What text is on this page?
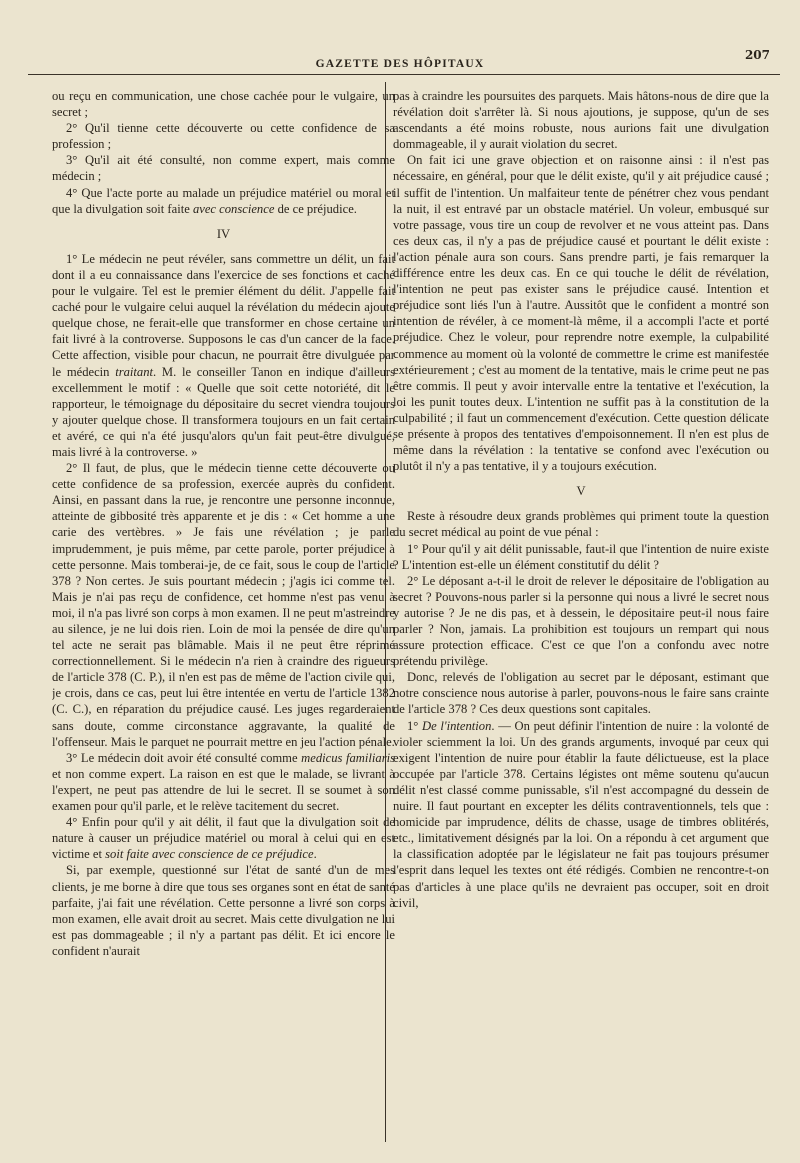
207
GAZETTE DES HÔPITAUX

ou reçu en communication, une chose cachée pour le vulgaire, un secret ;

2° Qu'il tienne cette découverte ou cette confidence de sa profession ;

3° Qu'il ait été consulté, non comme expert, mais comme médecin ;

4° Que l'acte porte au malade un préjudice matériel ou moral et que la divulgation soit faite avec conscience de ce préjudice.

IV

1° Le médecin ne peut révéler, sans commettre un délit, un fait dont il a eu connaissance dans l'exercice de ses fonctions et caché pour le vulgaire. Tel est le premier élément du délit. J'appelle fait caché pour le vulgaire celui auquel la révélation du médecin ajoute quelque chose, ne ferait-elle que transformer en chose certaine un fait livré à la controverse. Supposons le cas d'un cancer de la face. Cette affection, visible pour chacun, ne pourrait être divulguée par le médecin traitant. M. le conseiller Tanon en indique d'ailleurs excellemment le motif : « Quelle que soit cette notoriété, dit le rapporteur, le témoignage du dépositaire du secret viendra toujours y ajouter quelque chose. Il transformera toujours en un fait certain et avéré, ce qui n'a été jusqu'alors qu'un fait peut-être divulgué, mais livré à la controverse. »

2° Il faut, de plus, que le médecin tienne cette découverte ou cette confidence de sa profession, exercée auprès du confident. Ainsi, en passant dans la rue, je rencontre une personne inconnue, atteinte de gibbosité très apparente et je dis : « Cet homme a une carie des vertèbres. » Je fais une révélation ; je parle imprudemment, je puis même, par cette parole, porter préjudice à cette personne. Mais tomberai-je, de ce fait, sous le coup de l'article 378 ? Non certes. Je suis pourtant médecin ; j'agis ici comme tel. Mais je n'ai pas reçu de confidence, cet homme n'est pas venu à moi, il n'a pas livré son corps à mon examen. Il ne peut m'astreindre au silence, je ne lui dois rien. Loin de moi la pensée de dire qu'un tel acte ne serait pas blâmable. Mais il ne peut être réprimé correctionnellement. Si le médecin n'a rien à craindre des rigueurs de l'article 378 (C. P.), il n'en est pas de même de l'action civile qui, je crois, dans ce cas, peut lui être intentée en vertu de l'article 1382 (C. C.), en réparation du préjudice causé. Les juges regarderaient sans doute, comme circonstance aggravante, la qualité de l'offenseur. Mais le parquet ne pourrait mettre en jeu l'action pénale.

3° Le médecin doit avoir été consulté comme medicus familiaris et non comme expert. La raison en est que le malade, se livrant à l'expert, ne peut pas attendre de lui le secret. Il se soumet à son examen pour qu'il parle, et le relève tacitement du secret.

4° Enfin pour qu'il y ait délit, il faut que la divulgation soit de nature à causer un préjudice matériel ou moral à celui qui en est victime et soit faite avec conscience de ce préjudice.

Si, par exemple, questionné sur l'état de santé d'un de mes clients, je me borne à dire que tous ses organes sont en état de santé parfaite, j'ai fait une révélation. Cette personne a livré son corps à mon examen, elle avait droit au secret. Mais cette divulgation ne lui est pas dommageable ; il n'y a partant pas délit. Et ici encore le confident n'aurait

pas à craindre les poursuites des parquets. Mais hâtons-nous de dire que la révélation doit s'arrêter là. Si nous ajoutions, je suppose, qu'un de ses ascendants a été moins robuste, nous aurions fait une divulgation dommageable, il y aurait violation du secret.

On fait ici une grave objection et on raisonne ainsi : il n'est pas nécessaire, en général, pour que le délit existe, qu'il y ait préjudice causé ; il suffit de l'intention. Un malfaiteur tente de pénétrer chez vous pendant la nuit, il est entravé par un obstacle matériel. Un voleur, embusqué sur votre passage, vous tire un coup de revolver et ne vous atteint pas. Dans ces deux cas, il n'y a pas de préjudice causé et pourtant le délit existe : l'action pénale aura son cours. Sans prendre parti, je fais remarquer la différence entre les deux cas. En ce qui touche le délit de révélation, l'intention ne peut pas exister sans le préjudice causé. Intention et préjudice sont liés l'un à l'autre. Aussitôt que le confident a montré son intention de révéler, à ce moment-là même, il a accompli l'acte et porté préjudice. Chez le voleur, pour reprendre notre exemple, la culpabilité commence au moment où la volonté de commettre le crime est manifestée extérieurement ; c'est au moment de la tentative, mais le crime peut ne pas être commis. Il peut y avoir intervalle entre la tentative et l'exécution, la loi les punit toutes deux. L'intention ne suffit pas à la constitution de la culpabilité ; il faut un commencement d'exécution. Cette question délicate se présente à propos des tentatives d'empoisonnement. Il n'en est plus de même dans la révélation : la tentative se confond avec l'exécution ou plutôt il n'y a pas tentative, il y a toujours exécution.

V

Reste à résoudre deux grands problèmes qui priment toute la question du secret médical au point de vue pénal :

1° Pour qu'il y ait délit punissable, faut-il que l'intention de nuire existe ? L'intention est-elle un élément constitutif du délit ?

2° Le déposant a-t-il le droit de relever le dépositaire de l'obligation au secret ? Pouvons-nous parler si la personne qui nous a livré le secret nous y autorise ? Je ne dis pas, et à dessein, le dépositaire peut-il nous faire parler ? Non, jamais. La prohibition est toujours un rempart qui nous assure protection efficace. C'est ce que l'on a confondu avec notre prétendu privilège.

Donc, relevés de l'obligation au secret par le déposant, estimant que notre conscience nous autorise à parler, pouvons-nous le faire sans crainte de l'article 378 ? Ces deux questions sont capitales.

1° De l'intention. — On peut définir l'intention de nuire : la volonté de violer sciemment la loi. Un des grands arguments, invoqué par ceux qui exigent l'intention de nuire pour établir la faute délictueuse, est la place occupée par l'article 378. Certains légistes ont même soutenu qu'aucun délit n'est classé comme punissable, s'il n'est accompagné du dessein de nuire. Il faut pourtant en excepter les délits contraventionnels, tels que : homicide par imprudence, délits de chasse, usage de timbres oblitérés, etc., limitativement désignés par la loi. On a répondu à cet argument que la classification adoptée par le législateur ne fait pas toujours présumer l'esprit dans lequel les textes ont été rédigés. Combien ne rencontre-t-on pas d'articles à une place qu'ils ne devraient pas occuper, soit en droit civil,
